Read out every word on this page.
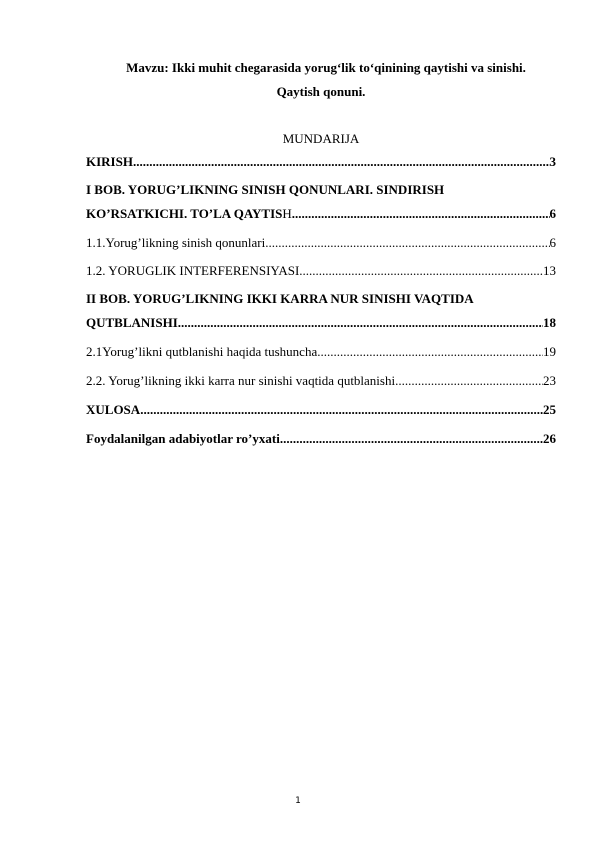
Mavzu: Ikki muhit chegarasida yorug‘lik to‘qinining qaytishi va sinishi.
Qaytish qonuni.
MUNDARIJA
KIRISH .....	3
I BOB. YORUG’LIKNING SINISH QONUNLARI. SINDIRISH
KO’RSATKICHI. TO’LA QAYTIS H .....	6
1.1.Yorug’likning sinish qonunlari .....	6
1.2. YORUGLIK INTERFERENSIYASI .....	13
II BOB. YORUG’LIKNING IKKI KARRA NUR SINISHI VAQTIDA
QUTBLANISHI .....	18
2.1Yorug’likni qutblanishi haqida tushuncha .....	19
2.2. Yorug’likning ikki karra nur sinishi vaqtida qutblanishi .....	23
XULOSA .....	25
Foydalanilgan adabiyotlar ro’yxati .....	26
1
